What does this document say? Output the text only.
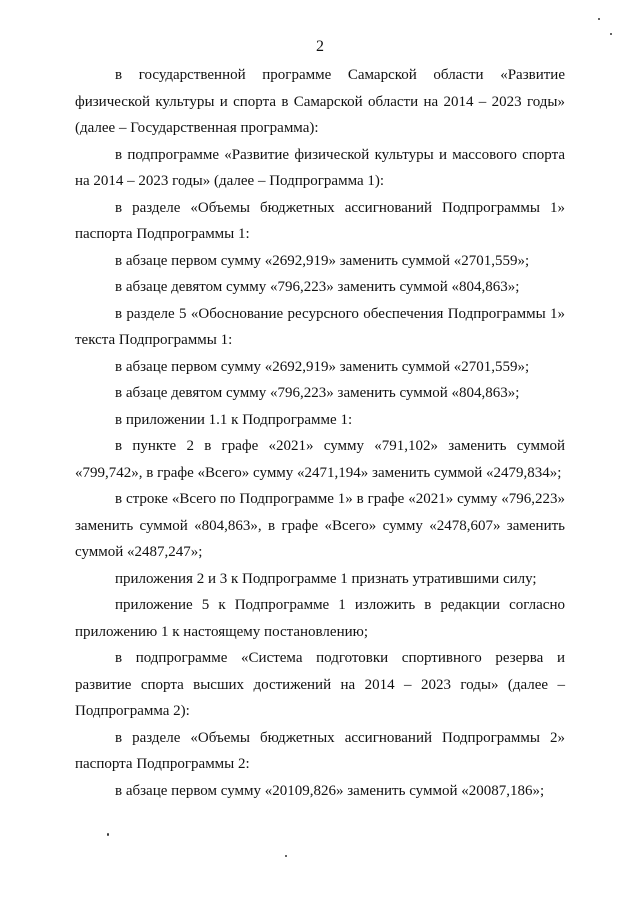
2

в государственной программе Самарской области «Развитие физической культуры и спорта в Самарской области на 2014 – 2023 годы» (далее – Государственная программа):

в подпрограмме «Развитие физической культуры и массового спорта на 2014 – 2023 годы» (далее – Подпрограмма 1):

в разделе «Объемы бюджетных ассигнований Подпрограммы 1» паспорта Подпрограммы 1:

в абзаце первом сумму «2692,919» заменить суммой «2701,559»;

в абзаце девятом сумму «796,223» заменить суммой «804,863»;

в разделе 5 «Обоснование ресурсного обеспечения Подпрограммы 1» текста Подпрограммы 1:

в абзаце первом сумму «2692,919» заменить суммой «2701,559»;

в абзаце девятом сумму «796,223» заменить суммой «804,863»;

в приложении 1.1 к Подпрограмме 1:

в пункте 2 в графе «2021» сумму «791,102» заменить суммой «799,742», в графе «Всего» сумму «2471,194» заменить суммой «2479,834»;

в строке «Всего по Подпрограмме 1» в графе «2021» сумму «796,223» заменить суммой «804,863», в графе «Всего» сумму «2478,607» заменить суммой «2487,247»;

приложения 2 и 3 к Подпрограмме 1 признать утратившими силу;

приложение 5 к Подпрограмме 1 изложить в редакции согласно приложению 1 к настоящему постановлению;

в подпрограмме «Система подготовки спортивного резерва и развитие спорта высших достижений на 2014 – 2023 годы» (далее – Подпрограмма 2):

в разделе «Объемы бюджетных ассигнований Подпрограммы 2» паспорта Подпрограммы 2:

в абзаце первом сумму «20109,826» заменить суммой «20087,186»;
